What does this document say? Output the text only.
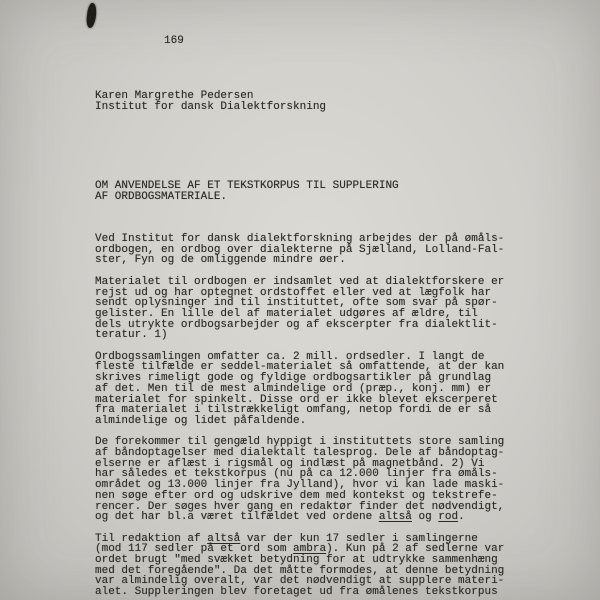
169
Karen Margrethe Pedersen
Institut for dansk Dialektforskning
OM ANVENDELSE AF ET TEKSTKORPUS TIL SUPPLERING
AF ORDBOGSMATERIALE.
Ved Institut for dansk dialektforskning arbejdes der på ømåls-
ordbogen, en ordbog over dialekterne på Sjælland, Lolland-Fal-
ster, Fyn og de omliggende mindre øer.
Materialet til ordbogen er indsamlet ved at dialektforskere er
rejst ud og har optegnet ordstoffet eller ved at lægfolk har
sendt oplysninger ind til instituttet, ofte som svar på spør-
gelister. En lille del af materialet udgøres af ældre, til
dels utrykte ordbogsarbejder og af ekscerpter fra dialektlit-
teratur. 1)
Ordbogssamlingen omfatter ca. 2 mill. ordsedler. I langt de
fleste tilfælde er seddel-materialet så omfattende, at der kan
skrives rimeligt gode og fyldige ordbogsartikler på grundlag
af det. Men til de mest almindelige ord (præp., konj. mm) er
materialet for spinkelt. Disse ord er ikke blevet ekscerperet
fra materialet i tilstrækkeligt omfang, netop fordi de er så
almindelige og lidet påfaldende.
De forekommer til gengæld hyppigt i instituttets store samling
af båndoptagelser med dialektalt talesprog. Dele af båndoptag-
elserne er aflæst i rigsmål og indlæst på magnetbånd. 2) Vi
har således et tekstkorpus (nu på ca 12.000 linjer fra ømåls-
området og 13.000 linjer fra Jylland), hvor vi kan lade maski-
nen søge efter ord og udskrive dem med kontekst og tekstrefe-
rencer. Der søges hver gang en redaktør finder det nødvendigt,
og det har bl.a været tilfældet ved ordene altså og rod.
Til redaktion af altså var der kun 17 sedler i samlingerne
(mod 117 sedler på et ord som ambra). Kun på 2 af sedlerne var
ordet brugt "med svækket betydning for at udtrykke sammenhæng
med det foregående". Da det måtte formodes, at denne betydning
var almindelig overalt, var det nødvendigt at supplere materi-
alet. Suppleringen blev foretaget ud fra ømålenes tekstkorpus
